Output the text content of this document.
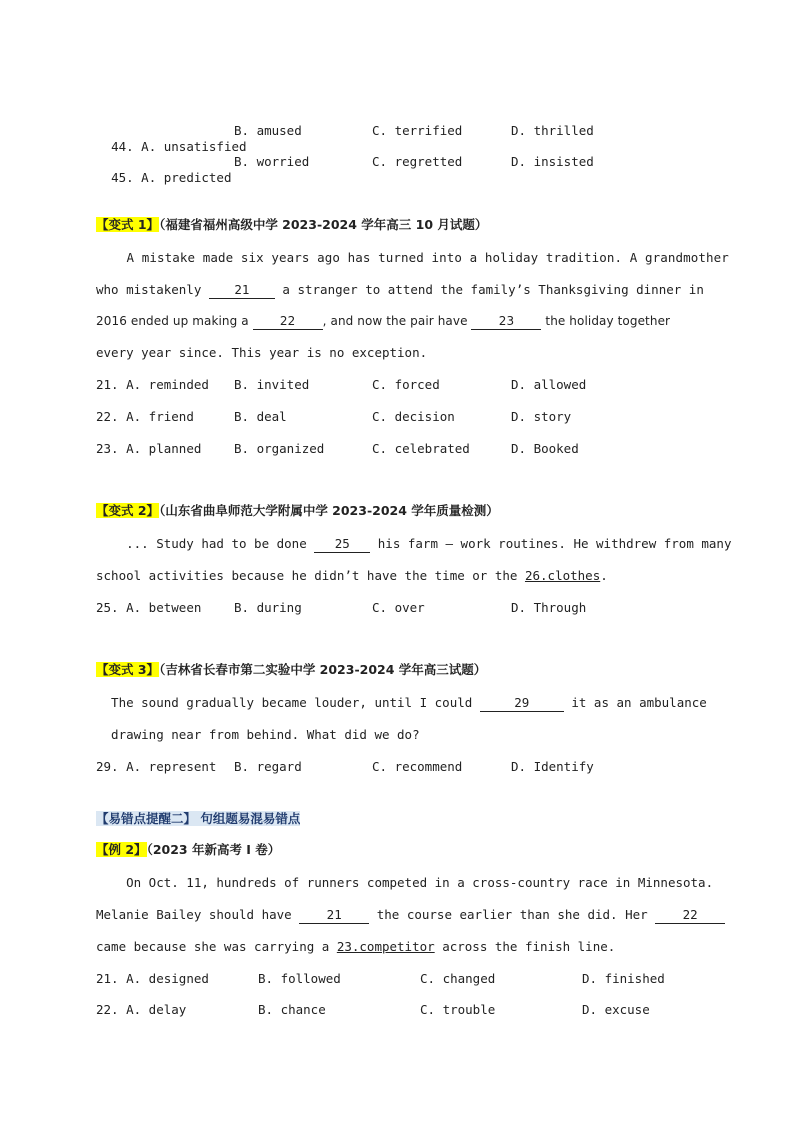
44. A. unsatisfied

B. amused	C. terrified	D. thrilled

45. A. predicted

B. worried	C. regretted	D. insisted
【变式 1】（福建省福州高级中学 2023-2024 学年高三 10 月试题）
A mistake made six years ago has turned into a holiday tradition. A grandmother
who mistakenly 21 a stranger to attend the family’s Thanksgiving dinner in
2016 ended up making a 22 , and now the pair have 23 the holiday together
every year since. This year is no exception.
21. A. reminded B. invited	C. forced	D. allowed
22. A. friend	B. deal	C. decision	D. story
23. A. planned	B. organized	C. celebrated	D. Booked
【变式 2】（山东省曲阜师范大学附属中学 2023-2024 学年质量检测）
... Study had to be done 25 his farm – work routines. He withdrew from many
school activities because he didn’t have the time or the 26.clothes.
25. A. between	B. during	C. over	D. Through
【变式 3】（吉林省长春市第二实验中学 2023-2024 学年高三试题）
The sound gradually became louder, until I could	29	it as an ambulance
drawing near from behind. What did we do?
29. A. represent B. regard	C. recommend	D. Identify
【易错点提醒二】 句组题易混易错点
【例 2】（2023 年新高考 I 卷）
On Oct. 11, hundreds of runners competed in a cross-country race in Minnesota.
Melanie Bailey should have 21 the course earlier than she did. Her 22
came because she was carrying a 23.competitor across the finish line.
21. A. designed	B. followed	C. changed	D. finished
22. A. delay	B. chance	C. trouble	D. excuse
